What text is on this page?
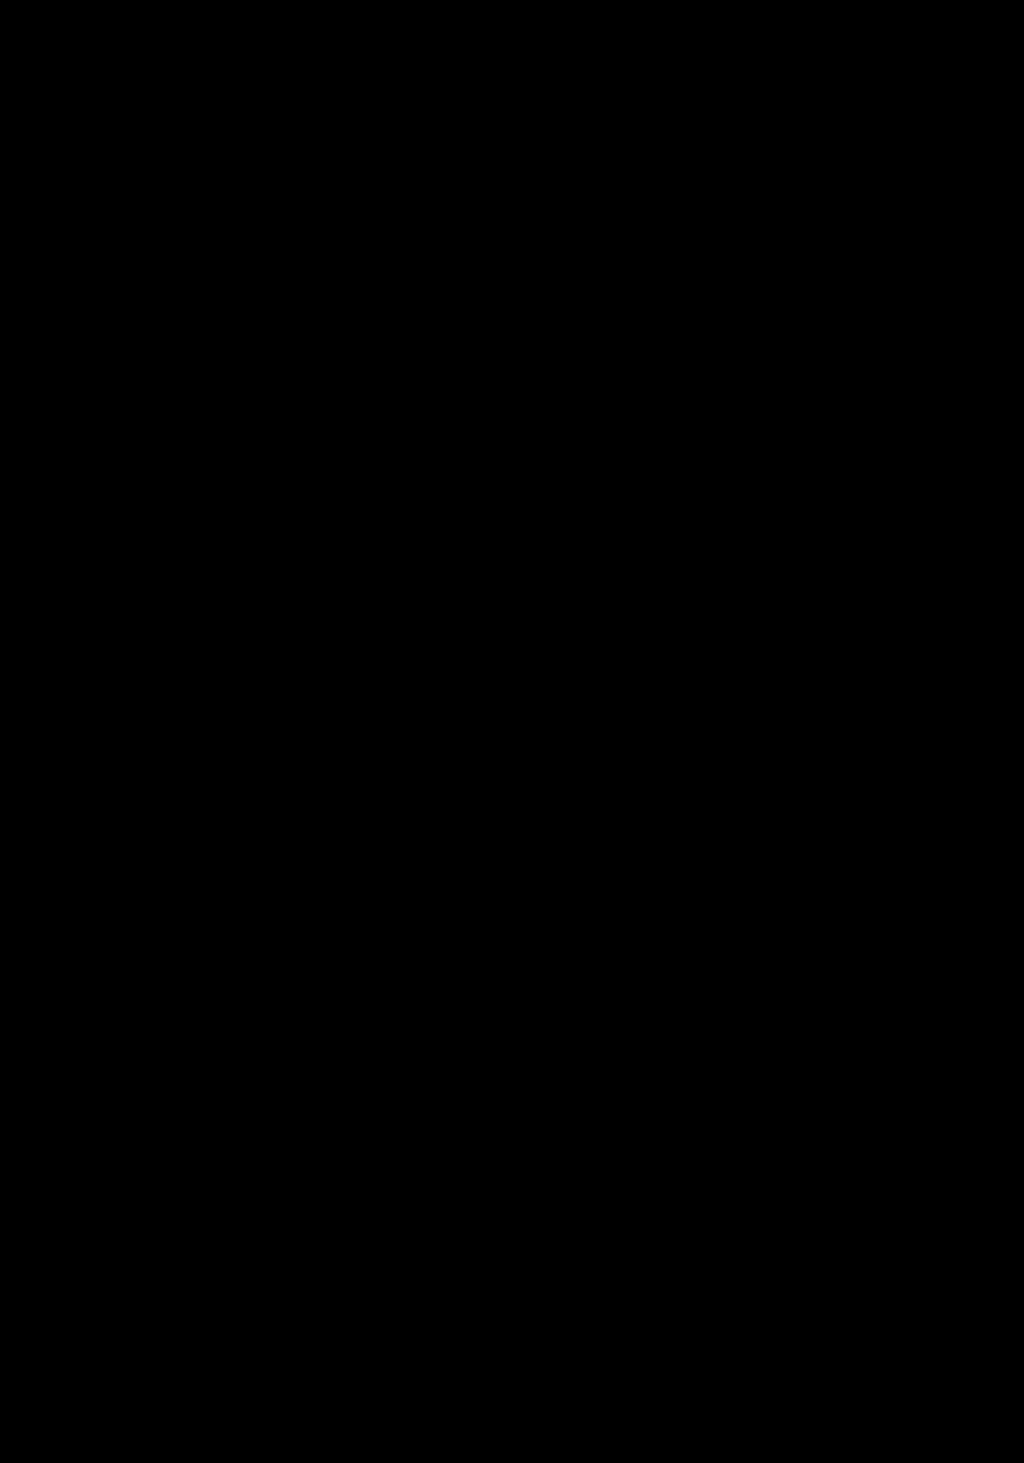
ΣΤΑΤΙΣΤΙΚΗ ΑΝΑΛΥΣΗ ΤΩΝ ΔΗΜΩΝ ΜΕΤΑΜΟΡΦΩΣΗΣ - ΑΜΑΡΟΥΣΙΟΥ ΚΑΙ
ΤΩΝ ΔΗΜΟΤΙΚΩΝ ΕΠΙΧΕΙΡΗΣΕΩΝ ΑΥΤΩΝ.
15
2.2 Μέθοδοι συλλογής στατιστικών στοιχείων.

Μετά τον σχεδιασμό της στατιστικής ερευνάς ακολουθεί η συλλογή των στατιστικών στοιχείων, δηλαδή η συλλογή των παρατηρήσεων που αναφέρονται στις μεταβλητές ως προς τις οποίες εξετάζουμε τον πληθυσμό. Οι σπουδαιότερες μέθοδοι για την παραπάνω διαδικασία είναι η απογραφή, η δειγματοληπτική μέθοδος και η μέθοδος των συνεχών εγγραφών.

2.2.1 Δειγματοληψία - απογραφή.

Όταν οι παρατηρήσεις προκύπτουν από ένα υποσύνολο του αρχικού πληθυσμού με σκοπό την γενίκευση των συμπερασμάτων της περιορισμένης αυτής έρευνας για ολόκληρο τον πληθυσμό, τότε η έρευνα ονομάζεται δειγματοληψία και το εξεταζόμενο υποσύνολο δείγμα.

Η δειγματοληψία αποτελεί αυτοτελή ξεχωριστό κλάδο της Στατιστικής επιστήμης με μεγάλη ανάπτυξη κατά τα τελευταία 40 χρόνια, ώστε να προσφέρει εκτιμήσεις ή προβλέψεις πολύ κοντά στην πραγματικότητα, εφόσον βέβαια διενεργείται με σύγχρονους μεθόδους.

Όταν οι παρατηρήσεις προκύπτουν από όλες τις στατιστικές μονάδες του πληθυσμού η έρευνα χαρακτηρίζεται ως απογραφή. Έτσι, η απογραφή συνίσταται στην συγκέντρωση στοιχείων για το προσωπικό των Δήμων και των Δημοτικών Επιχειρήσεων.

Τα κυριότερα χαρακτηριστικά του προσωπικού που μελετάμε με την βοήθεια της απογραφής είναι :

• Η σύνθεση του προσωπικού κατά ηλικία.
• Η σύνθεση του προσωπικού κατά φύλο.
• Η εκπαίδευση.
• Και οι χρηματικες απολαβές τους.

Βέβαια, η παραπάνω μέθοδος έχει ορισμένα πλεονεκτήματα αλλά και ορισμένα μειονεκτήματα. Έτσι :

Τα πλεονεκτήματα της απογραφής εντοπίζονται στα εξης :
1 . Επειδή ο αριθμός των στατιστικών μονάδων ( προσωπικό ) και το πλήθος των πληροφοριών είναι μικρό η δημοσίευση των στοιχείων περιλαμβάνει το συνολικό αποτέλεσμα και όχι δείγμα αυτού.
2 . Δεν απαιτεί μεγάλο κόστος , ενώ παράλληλα έχουμε σημαντική οικονομία στο χρόνο.
3 . Προσφέρει εκτιμήσεις ή προβλέψεις πολύ κοντά στην πραγματικότητα.
